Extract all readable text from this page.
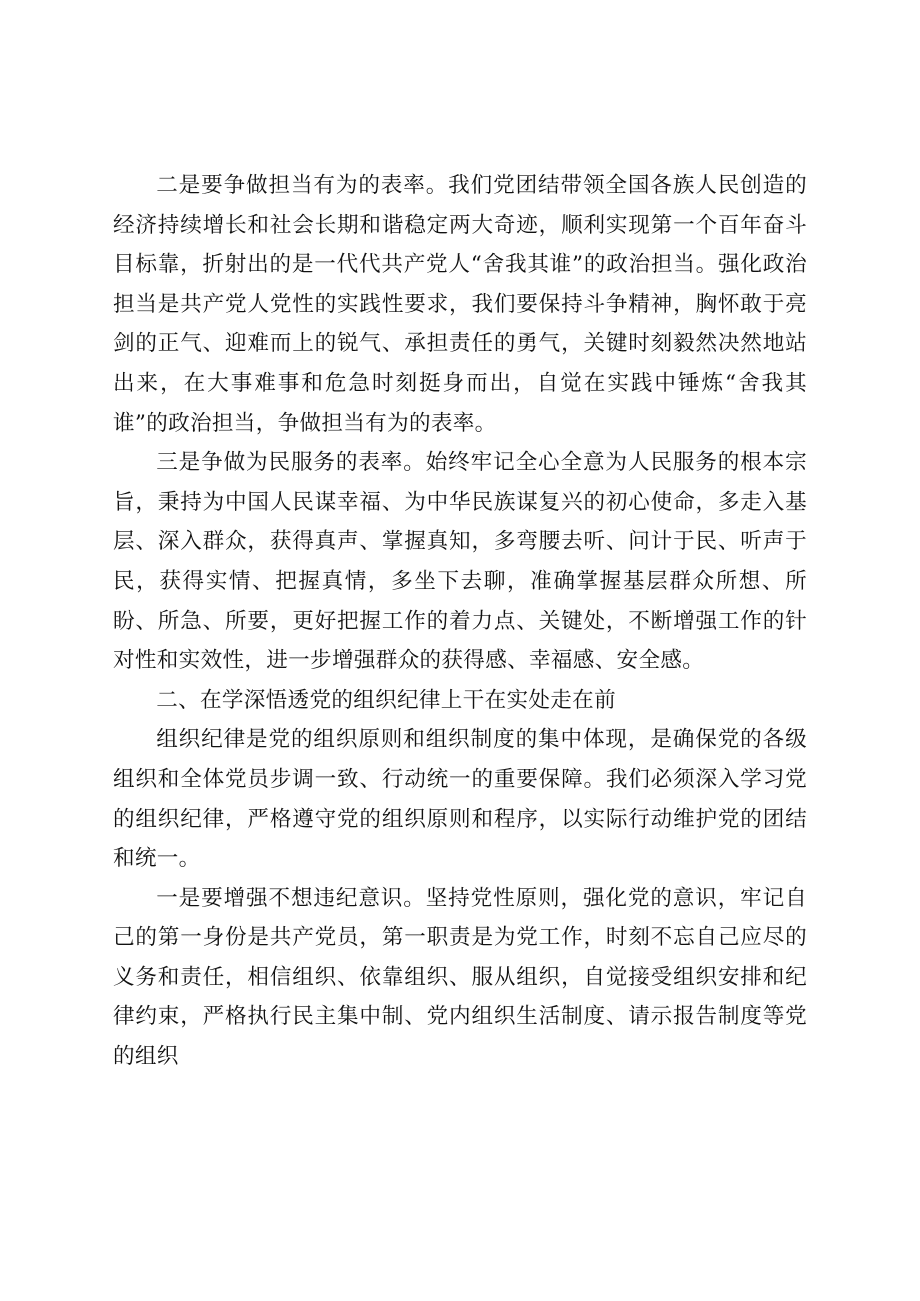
二是要争做担当有为的表率。我们党团结带领全国各族人民创造的经济持续增长和社会长期和谐稳定两大奇迹，顺利实现第一个百年奋斗目标靠，折射出的是一代代共产党人“舍我其谁”的政治担当。强化政治担当是共产党人党性的实践性要求，我们要保持斗争精神，胸怀敢于亮剑的正气、迎难而上的锐气、承担责任的勇气，关键时刻毅然决然地站出来，在大事难事和危急时刻挺身而出，自觉在实践中锤炼“舍我其谁”的政治担当，争做担当有为的表率。

三是争做为民服务的表率。始终牢记全心全意为人民服务的根本宗旨，秉持为中国人民谋幸福、为中华民族谋复兴的初心使命，多走入基层、深入群众，获得真声、掌握真知，多弯腰去听、问计于民、听声于民，获得实情、把握真情，多坐下去聊，准确掌握基层群众所想、所盼、所急、所要，更好把握工作的着力点、关键处，不断增强工作的针对性和实效性，进一步增强群众的获得感、幸福感、安全感。

二、在学深悟透党的组织纪律上干在实处走在前

组织纪律是党的组织原则和组织制度的集中体现，是确保党的各级组织和全体党员步调一致、行动统一的重要保障。我们必须深入学习党的组织纪律，严格遵守党的组织原则和程序，以实际行动维护党的团结和统一。

一是要增强不想违纪意识。坚持党性原则，强化党的意识，牢记自己的第一身份是共产党员，第一职责是为党工作，时刻不忘自己应尽的义务和责任，相信组织、依靠组织、服从组织，自觉接受组织安排和纪律约束，严格执行民主集中制、党内组织生活制度、请示报告制度等党的组织
